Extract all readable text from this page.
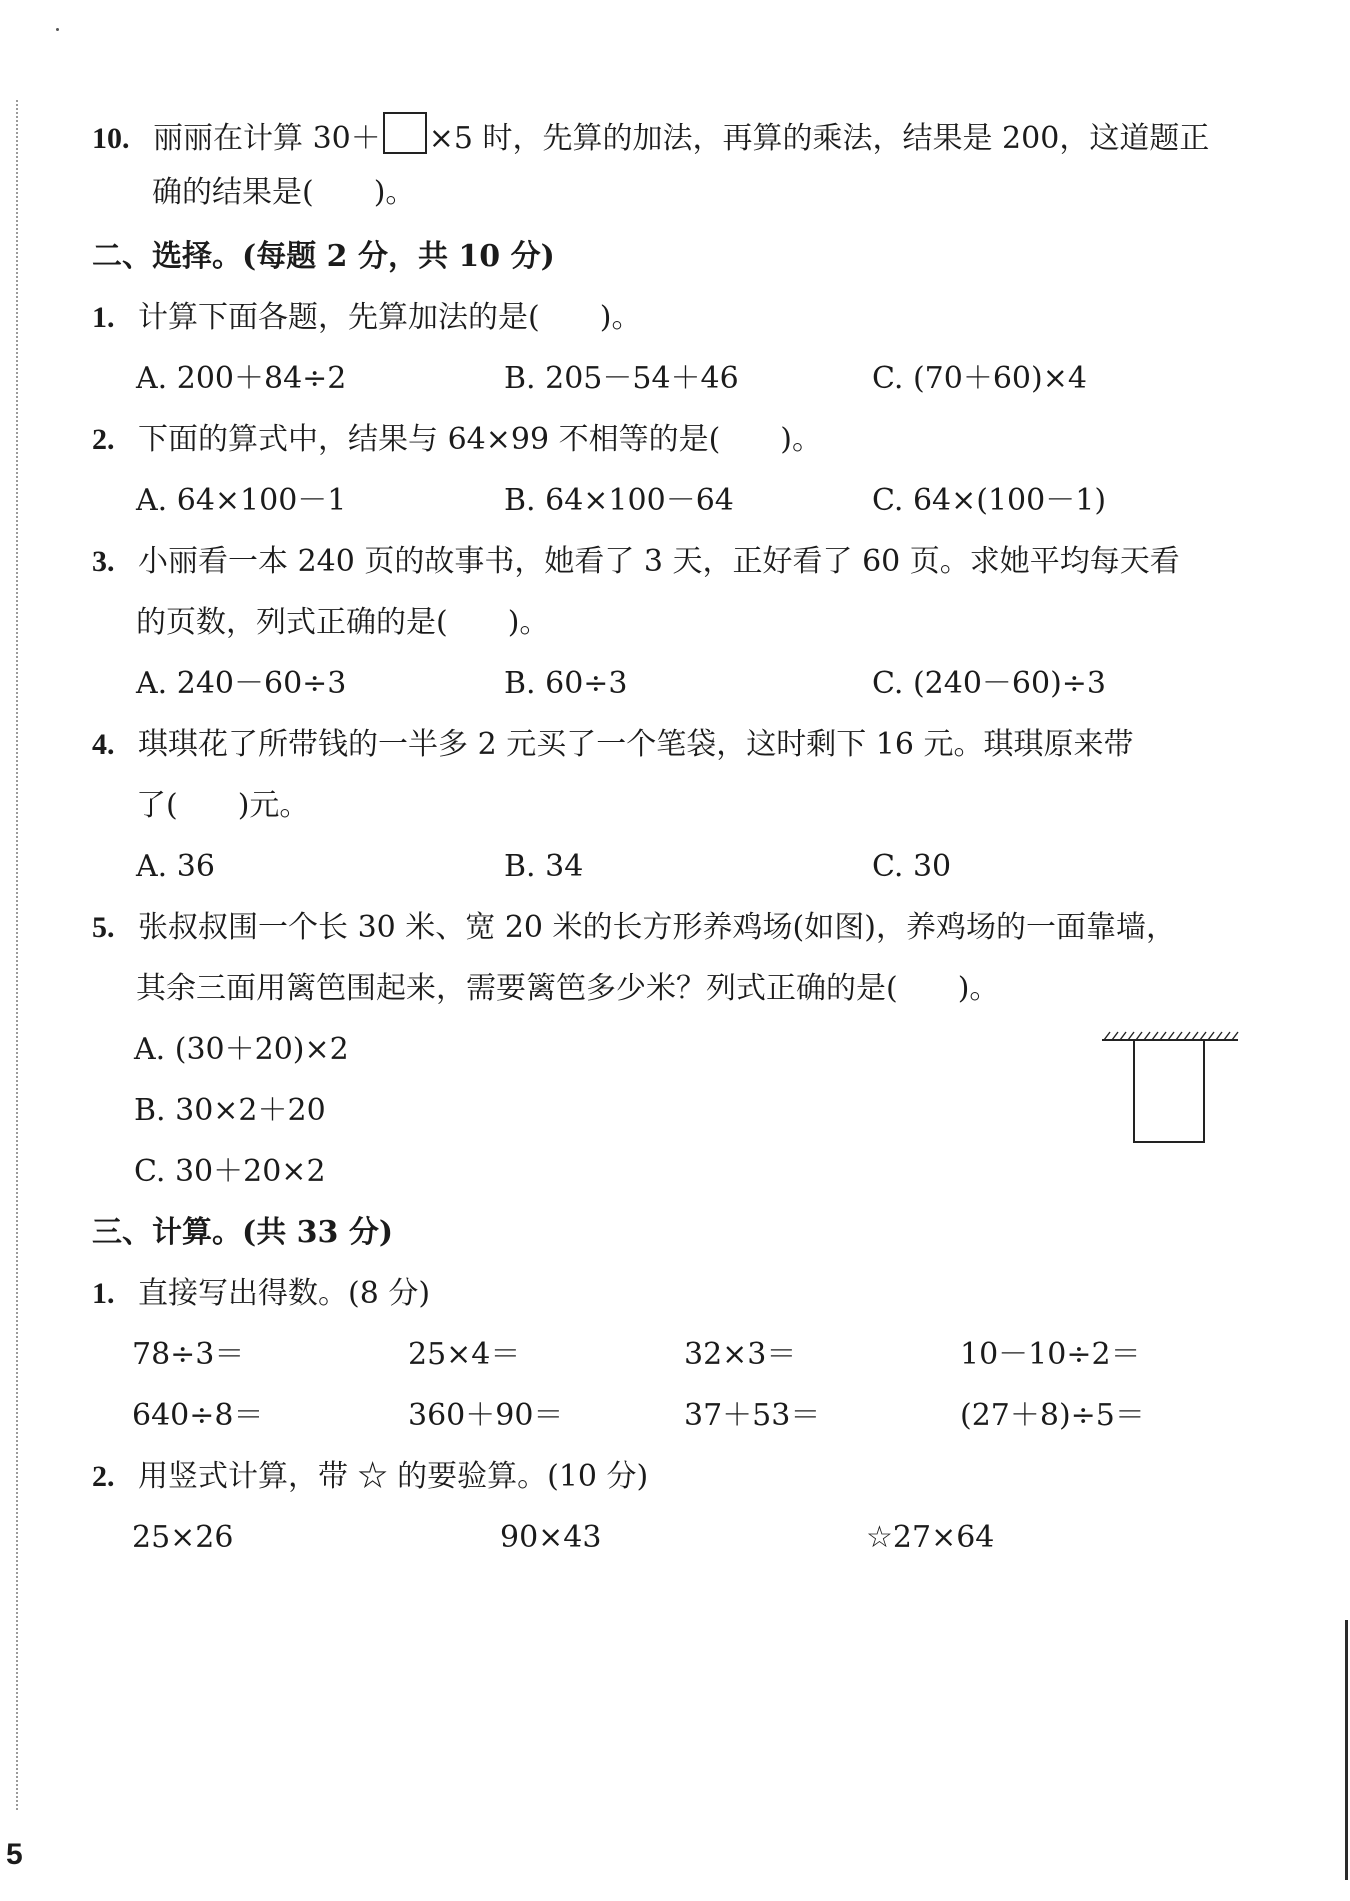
10. 丽丽在计算 30＋ ×5 时，先算的加法，再算的乘法，结果是 200，这道题正
确的结果是(　　)。
二、选择。(每题 2 分，共 10 分)
1. 计算下面各题，先算加法的是(　　)。
A. 200＋84÷2	B. 205－54＋46	C. (70＋60)×4
2. 下面的算式中，结果与 64×99 不相等的是(　　)。
A. 64×100－1	B. 64×100－64	C. 64×(100－1)
3. 小丽看一本 240 页的故事书，她看了 3 天，正好看了 60 页。求她平均每天看
的页数，列式正确的是(　　)。
A. 240－60÷3	B. 60÷3	C. (240－60)÷3
4. 琪琪花了所带钱的一半多 2 元买了一个笔袋，这时剩下 16 元。琪琪原来带
了(　　)元。
A. 36	B. 34	C. 30
5. 张叔叔围一个长 30 米、宽 20 米的长方形养鸡场(如图)，养鸡场的一面靠墙，
其余三面用篱笆围起来，需要篱笆多少米？列式正确的是(　　)。
A. (30＋20)×2
B. 30×2＋20
C. 30＋20×2
三、计算。(共 33 分)
1. 直接写出得数。(8 分)
78÷3＝	25×4＝	32×3＝	10－10÷2＝
640÷8＝	360＋90＝	37＋53＝	(27＋8)÷5＝
2. 用竖式计算，带 ☆ 的要验算。(10 分)
25×26	90×43	☆27×64
5
